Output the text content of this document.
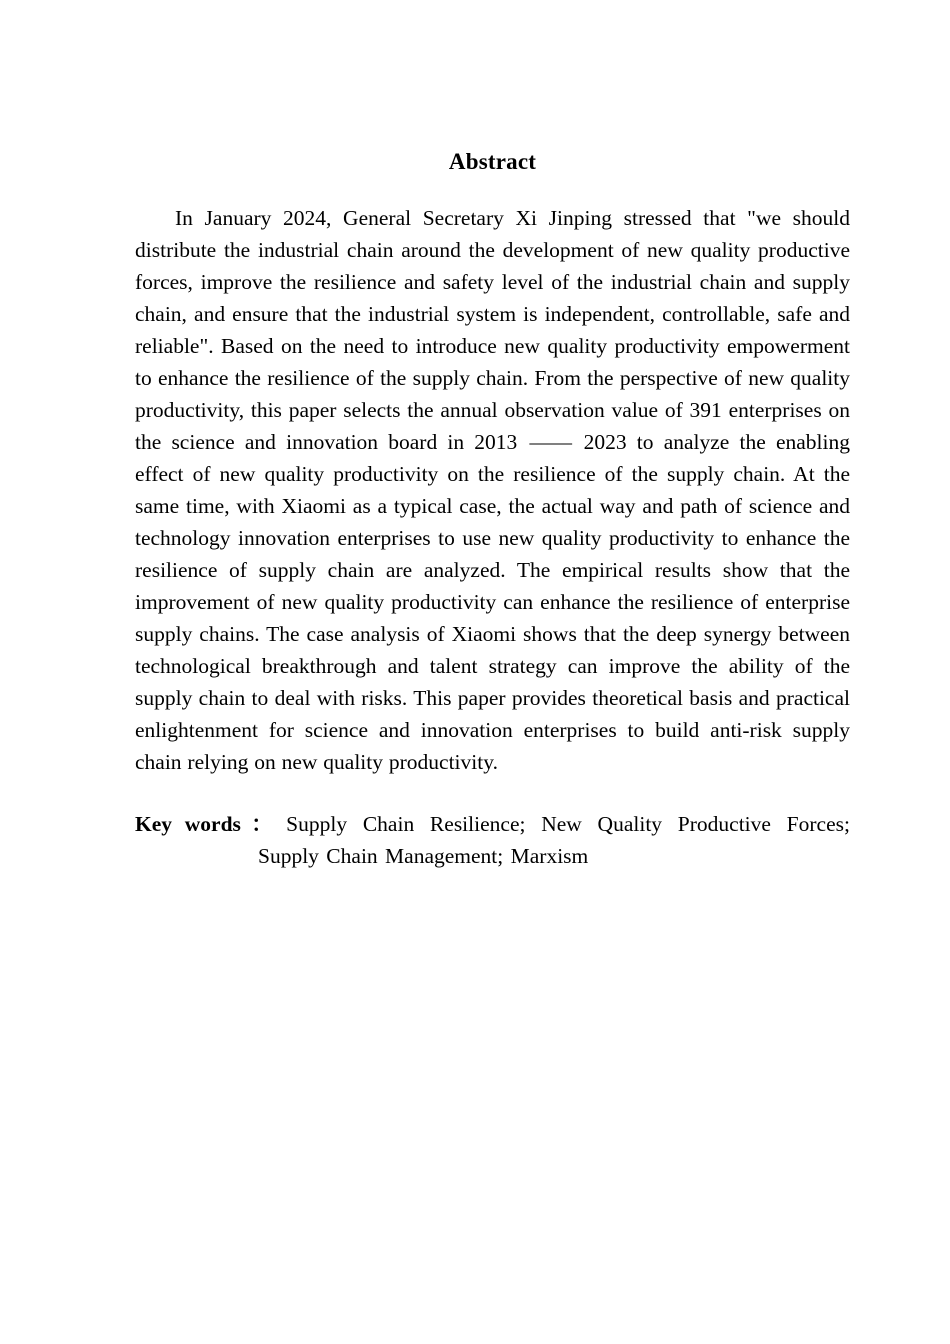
Abstract

In January 2024, General Secretary Xi Jinping stressed that "we should distribute the industrial chain around the development of new quality productive forces, improve the resilience and safety level of the industrial chain and supply chain, and ensure that the industrial system is independent, controllable, safe and reliable". Based on the need to introduce new quality productivity empowerment to enhance the resilience of the supply chain. From the perspective of new quality productivity, this paper selects the annual observation value of 391 enterprises on the science and innovation board in 2013 —— 2023 to analyze the enabling effect of new quality productivity on the resilience of the supply chain. At the same time, with Xiaomi as a typical case, the actual way and path of science and technology innovation enterprises to use new quality productivity to enhance the resilience of supply chain are analyzed. The empirical results show that the improvement of new quality productivity can enhance the resilience of enterprise supply chains. The case analysis of Xiaomi shows that the deep synergy between technological breakthrough and talent strategy can improve the ability of the supply chain to deal with risks. This paper provides theoretical basis and practical enlightenment for science and innovation enterprises to build anti-risk supply chain relying on new quality productivity.

Key words ： Supply Chain Resilience; New Quality Productive Forces;
Supply Chain Management; Marxism
